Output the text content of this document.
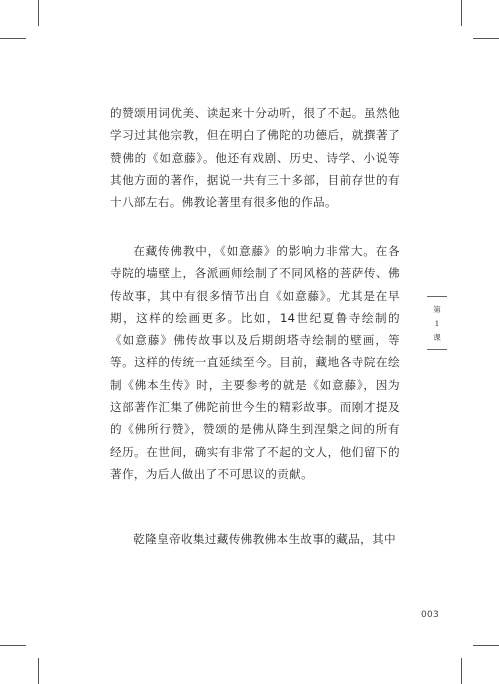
的赞颂用词优美、读起来十分动听，很了不起。虽然他学习过其他宗教，但在明白了佛陀的功德后，就撰著了赞佛的《如意藤》。他还有戏剧、历史、诗学、小说等其他方面的著作，据说一共有三十多部，目前存世的有十八部左右。佛教论著里有很多他的作品。

在藏传佛教中，《如意藤》的影响力非常大。在各寺院的墙壁上，各派画师绘制了不同风格的菩萨传、佛传故事，其中有很多情节出自《如意藤》。尤其是在早期，这样的绘画更多。比如，14世纪夏鲁寺绘制的《如意藤》佛传故事以及后期朗塔寺绘制的壁画，等等。这样的传统一直延续至今。目前，藏地各寺院在绘制《佛本生传》时，主要参考的就是《如意藤》，因为这部著作汇集了佛陀前世今生的精彩故事。而刚才提及的《佛所行赞》，赞颂的是佛从降生到涅槃之间的所有经历。在世间，确实有非常了不起的文人，他们留下的著作，为后人做出了不可思议的贡献。

乾隆皇帝收集过藏传佛教佛本生故事的藏品，其中

第
1
课
003
